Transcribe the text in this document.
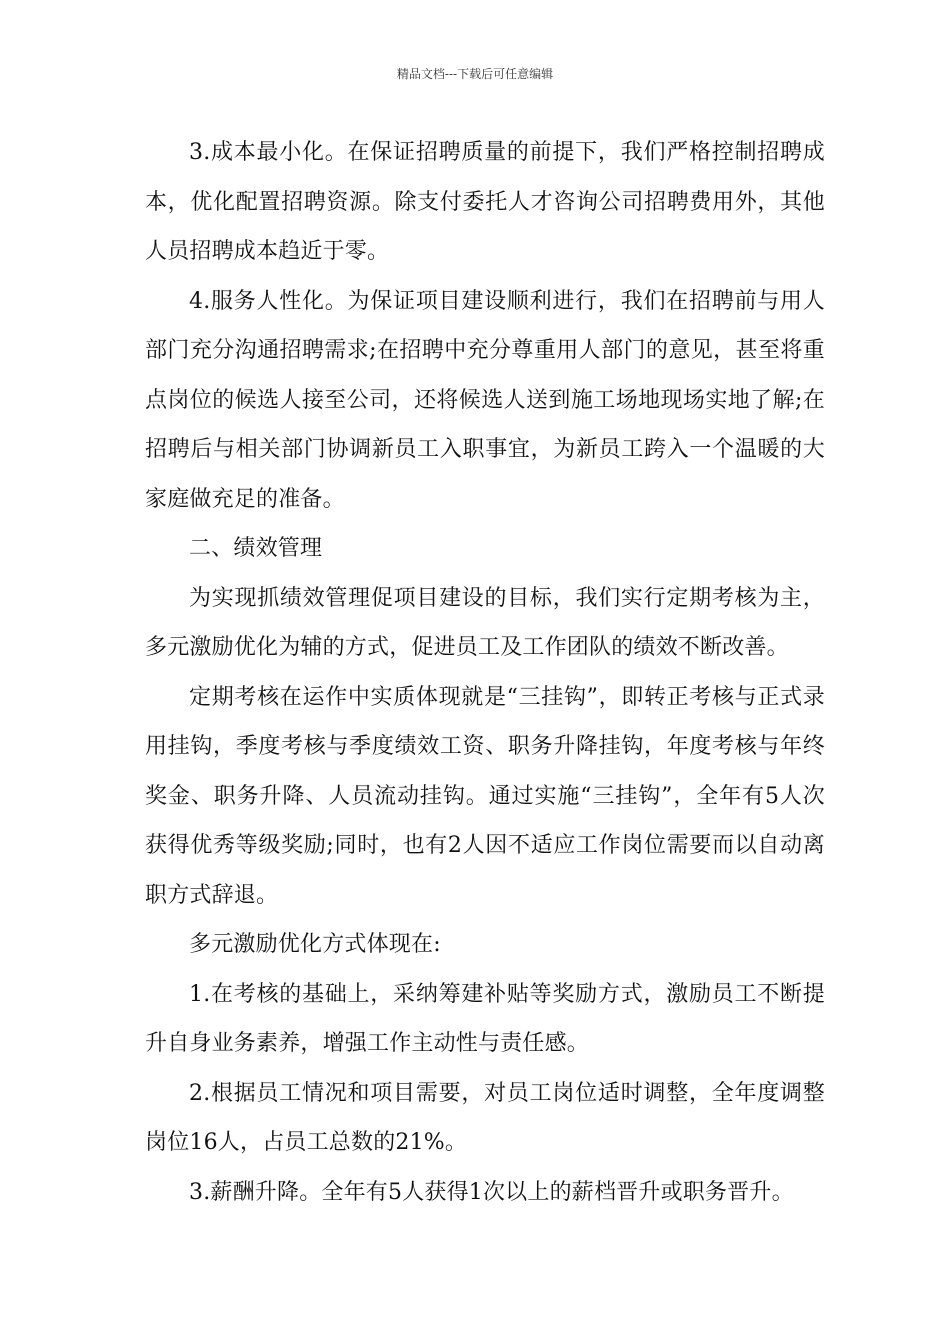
精品文档---下载后可任意编辑

3.成本最小化。在保证招聘质量的前提下，我们严格控制招聘成本，优化配置招聘资源。除支付委托人才咨询公司招聘费用外，其他人员招聘成本趋近于零。

4.服务人性化。为保证项目建设顺利进行，我们在招聘前与用人部门充分沟通招聘需求;在招聘中充分尊重用人部门的意见，甚至将重点岗位的候选人接至公司，还将候选人送到施工场地现场实地了解;在招聘后与相关部门协调新员工入职事宜，为新员工跨入一个温暖的大家庭做充足的准备。

二、绩效管理

为实现抓绩效管理促项目建设的目标，我们实行定期考核为主，多元激励优化为辅的方式，促进员工及工作团队的绩效不断改善。

定期考核在运作中实质体现就是“三挂钩”，即转正考核与正式录用挂钩，季度考核与季度绩效工资、职务升降挂钩，年度考核与年终奖金、职务升降、人员流动挂钩。通过实施“三挂钩”，全年有5人次获得优秀等级奖励;同时，也有2人因不适应工作岗位需要而以自动离职方式辞退。

多元激励优化方式体现在:

1.在考核的基础上，采纳筹建补贴等奖励方式，激励员工不断提升自身业务素养，增强工作主动性与责任感。

2.根据员工情况和项目需要，对员工岗位适时调整，全年度调整岗位16人，占员工总数的21%。

3.薪酬升降。全年有5人获得1次以上的薪档晋升或职务晋升。
